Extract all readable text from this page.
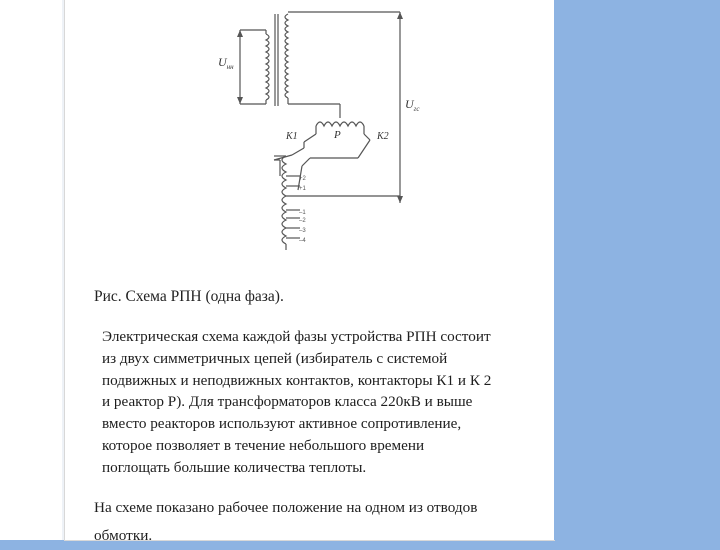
$U_{нн}$
$U_{гс}$
P
K1	K2
+2
+1
–1
–2
–3
–4

Рис. Схема РПН (одна фаза).

Электрическая схема каждой фазы устройства РПН состоит
из двух симметричных цепей (избиратель с системой
подвижных и неподвижных контактов, контакторы К1 и К 2
и реактор Р). Для трансформаторов класса 220кВ и выше
вместо реакторов используют активное сопротивление,
которое позволяет в течение небольшого времени
поглощать большие количества теплоты.

На схеме показано рабочее положение на одном из отводов
обмотки.
